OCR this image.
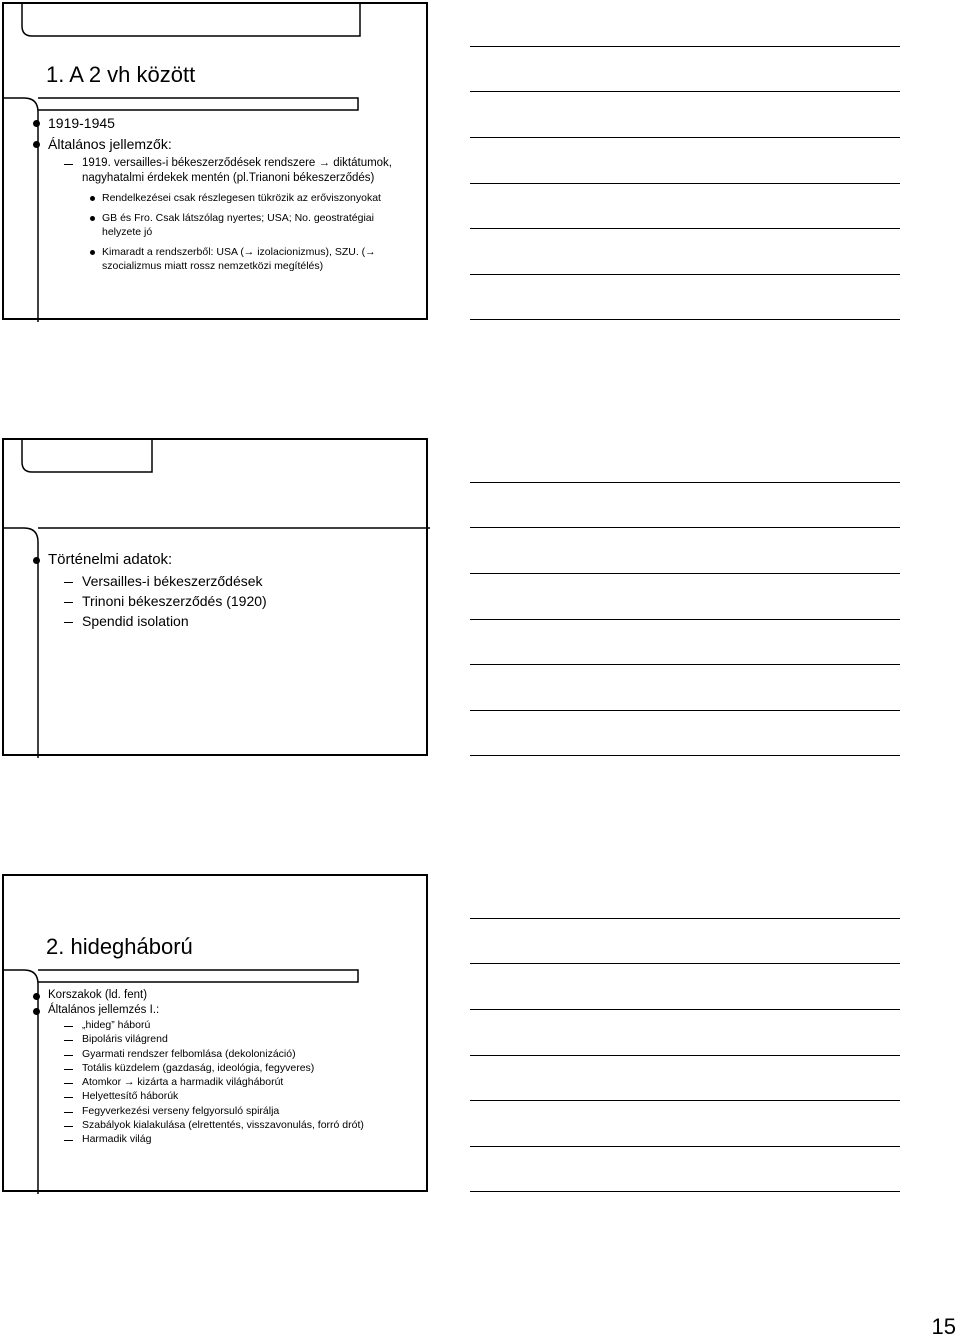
1. A 2 vh között
1919-1945
Általános jellemzők:
1919. versailles-i békeszerződések rendszere → diktátumok, nagyhatalmi érdekek mentén (pl.Trianoni békeszerződés)
Rendelkezései csak részlegesen tükrözik az erőviszonyokat
GB és Fro. Csak látszólag nyertes; USA; No. geostratégiai helyzete jó
Kimaradt a rendszerből: USA (→ izolacionizmus), SZU. (→ szocializmus miatt rossz nemzetközi megítélés)
Történelmi adatok:
Versailles-i békeszerződések
Trinoni békeszerződés (1920)
Spendid isolation
2. hidegháború
Korszakok (ld. fent)
Általános jellemzés I.:
„hideg” háború
Bipoláris világrend
Gyarmati rendszer felbomlása (dekolonizáció)
Totális küzdelem (gazdaság, ideológia, fegyveres)
Atomkor → kizárta a harmadik világháborút
Helyettesítő háborúk
Fegyverkezési verseny felgyorsuló spirálja
Szabályok kialakulása (elrettentés, visszavonulás, forró drót)
Harmadik világ
15
